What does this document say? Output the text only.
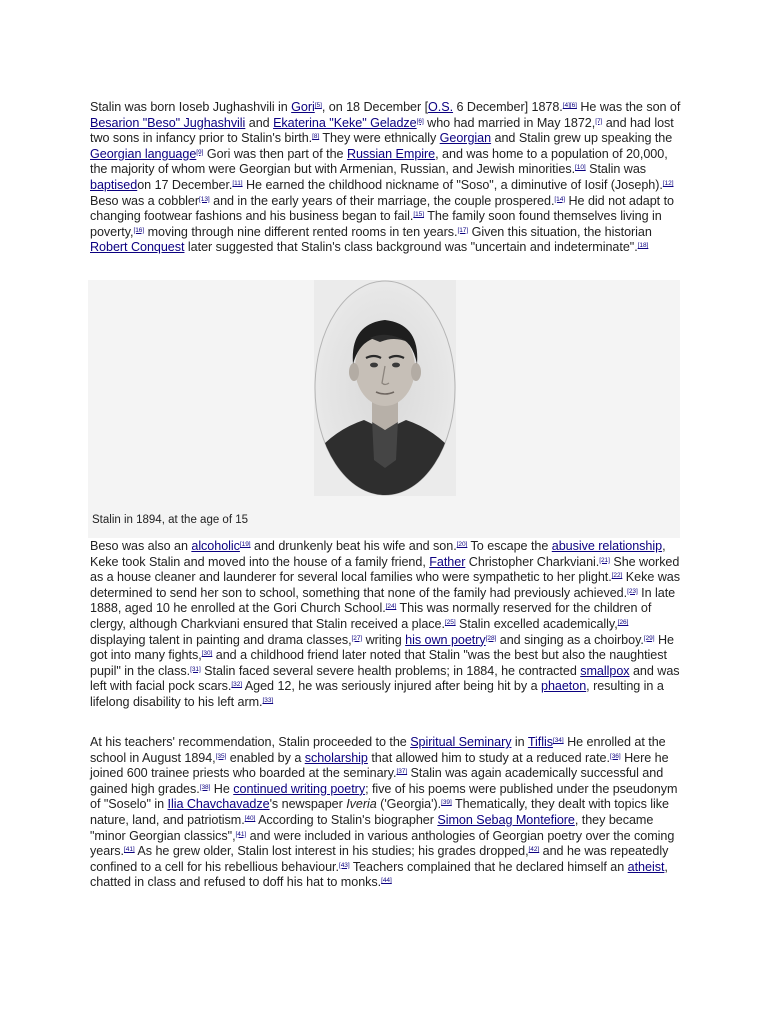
Stalin was born Ioseb Jughashvili in Gori[5], on 18 December [O.S. 6 December] 1878.[4][6] He was the son of Besarion "Beso" Jughashvili and Ekaterina "Keke" Geladze[6] who had married in May 1872,[7] and had lost two sons in infancy prior to Stalin's birth.[8] They were ethnically Georgian and Stalin grew up speaking the Georgian language[9] Gori was then part of the Russian Empire, and was home to a population of 20,000, the majority of whom were Georgian but with Armenian, Russian, and Jewish minorities.[10] Stalin was baptisedon 17 December.[11] He earned the childhood nickname of "Soso", a diminutive of Iosif (Joseph).[12] Beso was a cobbler[13] and in the early years of their marriage, the couple prospered.[14] He did not adapt to changing footwear fashions and his business began to fail.[15] The family soon found themselves living in poverty,[16] moving through nine different rented rooms in ten years.[17] Given this situation, the historian Robert Conquest later suggested that Stalin's class background was "uncertain and indeterminate".[18]

Stalin in 1894, at the age of 15

Beso was also an alcoholic[19] and drunkenly beat his wife and son.[20] To escape the abusive relationship, Keke took Stalin and moved into the house of a family friend, Father Christopher Charkviani.[21] She worked as a house cleaner and launderer for several local families who were sympathetic to her plight.[22] Keke was determined to send her son to school, something that none of the family had previously achieved.[23] In late 1888, aged 10 he enrolled at the Gori Church School.[24] This was normally reserved for the children of clergy, although Charkviani ensured that Stalin received a place.[25] Stalin excelled academically,[26] displaying talent in painting and drama classes,[27] writing his own poetry[28] and singing as a choirboy.[29] He got into many fights,[30] and a childhood friend later noted that Stalin "was the best but also the naughtiest pupil" in the class.[31] Stalin faced several severe health problems; in 1884, he contracted smallpox and was left with facial pock scars.[32] Aged 12, he was seriously injured after being hit by a phaeton, resulting in a lifelong disability to his left arm.[33]

At his teachers' recommendation, Stalin proceeded to the Spiritual Seminary in Tiflis[34] He enrolled at the school in August 1894,[35] enabled by a scholarship that allowed him to study at a reduced rate.[36] Here he joined 600 trainee priests who boarded at the seminary.[37] Stalin was again academically successful and gained high grades.[38] He continued writing poetry; five of his poems were published under the pseudonym of "Soselo" in Ilia Chavchavadze's newspaper Iveria ('Georgia').[39] Thematically, they dealt with topics like nature, land, and patriotism.[40] According to Stalin's biographer Simon Sebag Montefiore, they became "minor Georgian classics",[41] and were included in various anthologies of Georgian poetry over the coming years.[41] As he grew older, Stalin lost interest in his studies; his grades dropped,[42] and he was repeatedly confined to a cell for his rebellious behaviour.[43] Teachers complained that he declared himself an atheist, chatted in class and refused to doff his hat to monks.[44]
